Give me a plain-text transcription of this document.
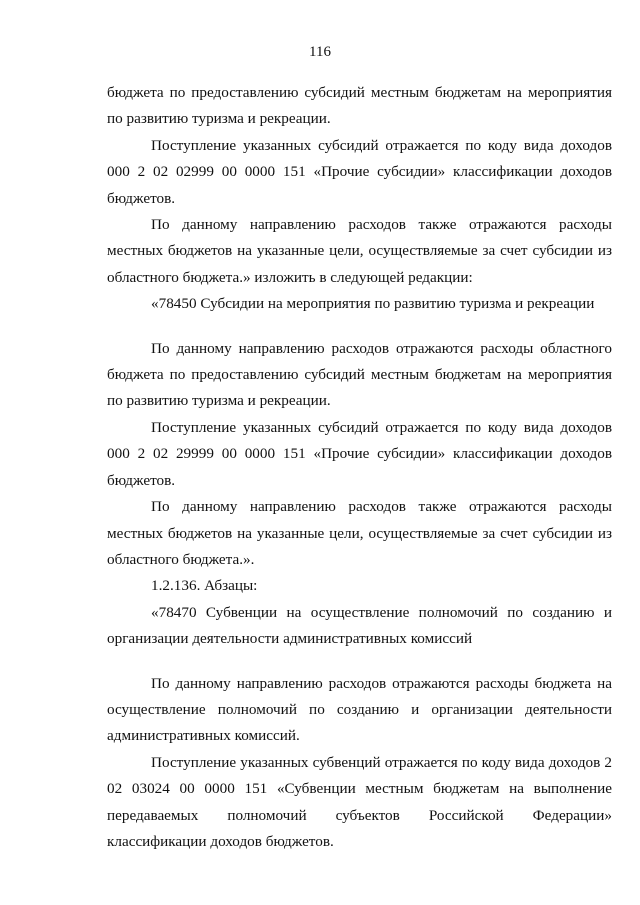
116

бюджета по предоставлению субсидий местным бюджетам на мероприятия по развитию туризма и рекреации.

Поступление указанных субсидий отражается по коду вида доходов 000 2 02 02999 00 0000 151 «Прочие субсидии» классификации доходов бюджетов.

По данному направлению расходов также отражаются расходы местных бюджетов на указанные цели, осуществляемые за счет субсидии из областного бюджета.» изложить в следующей редакции:

«78450 Субсидии на мероприятия по развитию туризма и рекреации

По данному направлению расходов отражаются расходы областного бюджета по предоставлению субсидий местным бюджетам на мероприятия по развитию туризма и рекреации.

Поступление указанных субсидий отражается по коду вида доходов 000 2 02 29999 00 0000 151 «Прочие субсидии» классификации доходов бюджетов.

По данному направлению расходов также отражаются расходы местных бюджетов на указанные цели, осуществляемые за счет субсидии из областного бюджета.».

1.2.136. Абзацы:

«78470 Субвенции на осуществление полномочий по созданию и организации деятельности административных комиссий

По данному направлению расходов отражаются расходы бюджета на осуществление полномочий по созданию и организации деятельности административных комиссий.

Поступление указанных субвенций отражается по коду вида доходов 2 02 03024 00 0000 151 «Субвенции местным бюджетам на выполнение передаваемых полномочий субъектов Российской Федерации» классификации доходов бюджетов.
